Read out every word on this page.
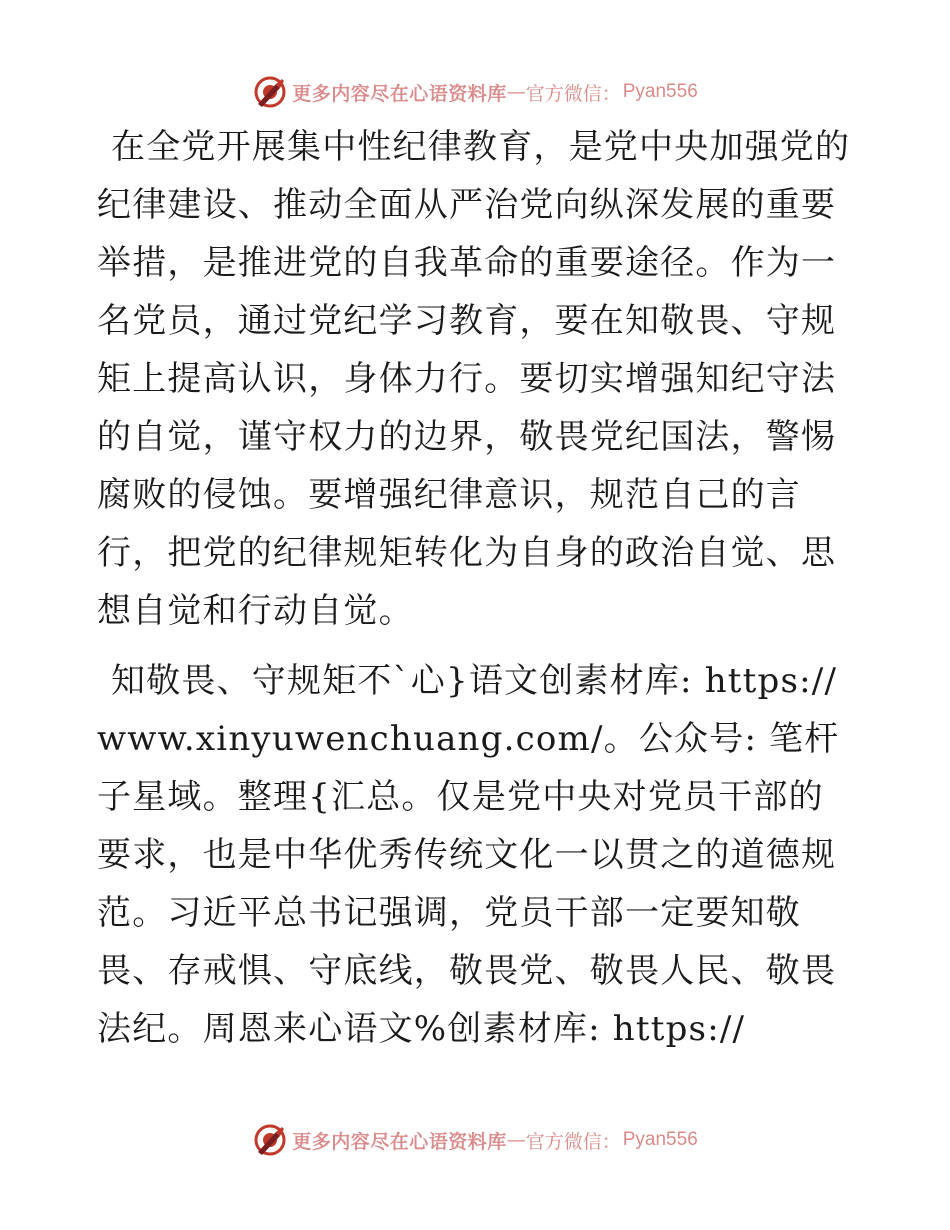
更多内容尽在心语资料库 — 官方微信： Pyan556

在全党开展集中性纪律教育，是党中央加强党的纪律建设、推动全面从严治党向纵深发展的重要举措，是推进党的自我革命的重要途径。作为一名党员，通过党纪学习教育，要在知敬畏、守规矩上提高认识，身体力行。要切实增强知纪守法的自觉，谨守权力的边界，敬畏党纪国法，警惕腐败的侵蚀。要增强纪律意识，规范自己的言行，把党的纪律规矩转化为自身的政治自觉、思想自觉和行动自觉。

知敬畏、守规矩不`心}语文创素材库: https://www.xinyuwenchuang.com/。公众号: 笔杆子星域。整理{汇总。仅是党中央对党员干部的要求，也是中华优秀传统文化一以贯之的道德规范。习近平总书记强调，党员干部一定要知敬畏、存戒惧、守底线，敬畏党、敬畏人民、敬畏法纪。周恩来心语文%创素材库: https://

更多内容尽在心语资料库 — 官方微信： Pyan556
